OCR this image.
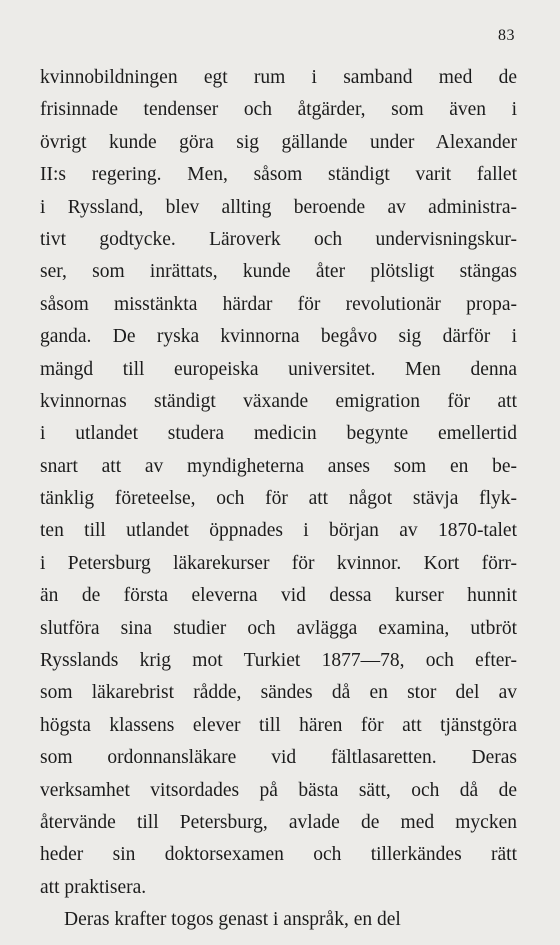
83
kvinnobildningen egt rum i samband med de
frisinnade tendenser och åtgärder, som även i
övrigt kunde göra sig gällande under Alexander
II:s regering. Men, såsom ständigt varit fallet
i Ryssland, blev allting beroende av administra-
tivt godtycke. Läroverk och undervisningskur-
ser, som inrättats, kunde åter plötsligt stängas
såsom misstänkta härdar för revolutionär propa-
ganda. De ryska kvinnorna begåvo sig därför i
mängd till europeiska universitet. Men denna
kvinnornas ständigt växande emigration för att
i utlandet studera medicin begynte emellertid
snart att av myndigheterna anses som en be-
tänklig företeelse, och för att något stävja flyk-
ten till utlandet öppnades i början av 1870-talet
i Petersburg läkarekurser för kvinnor. Kort förr-
än de första eleverna vid dessa kurser hunnit
slutföra sina studier och avlägga examina, utbröt
Rysslands krig mot Turkiet 1877—78, och efter-
som läkarebrist rådde, sändes då en stor del av
högsta klassens elever till hären för att tjänstgöra
som ordonnansläkare vid fältlasaretten. Deras
verksamhet vitsordades på bästa sätt, och då de
återvände till Petersburg, avlade de med mycken
heder sin doktorsexamen och tillerkändes rätt
att praktisera.
Deras krafter togos genast i anspråk, en del
